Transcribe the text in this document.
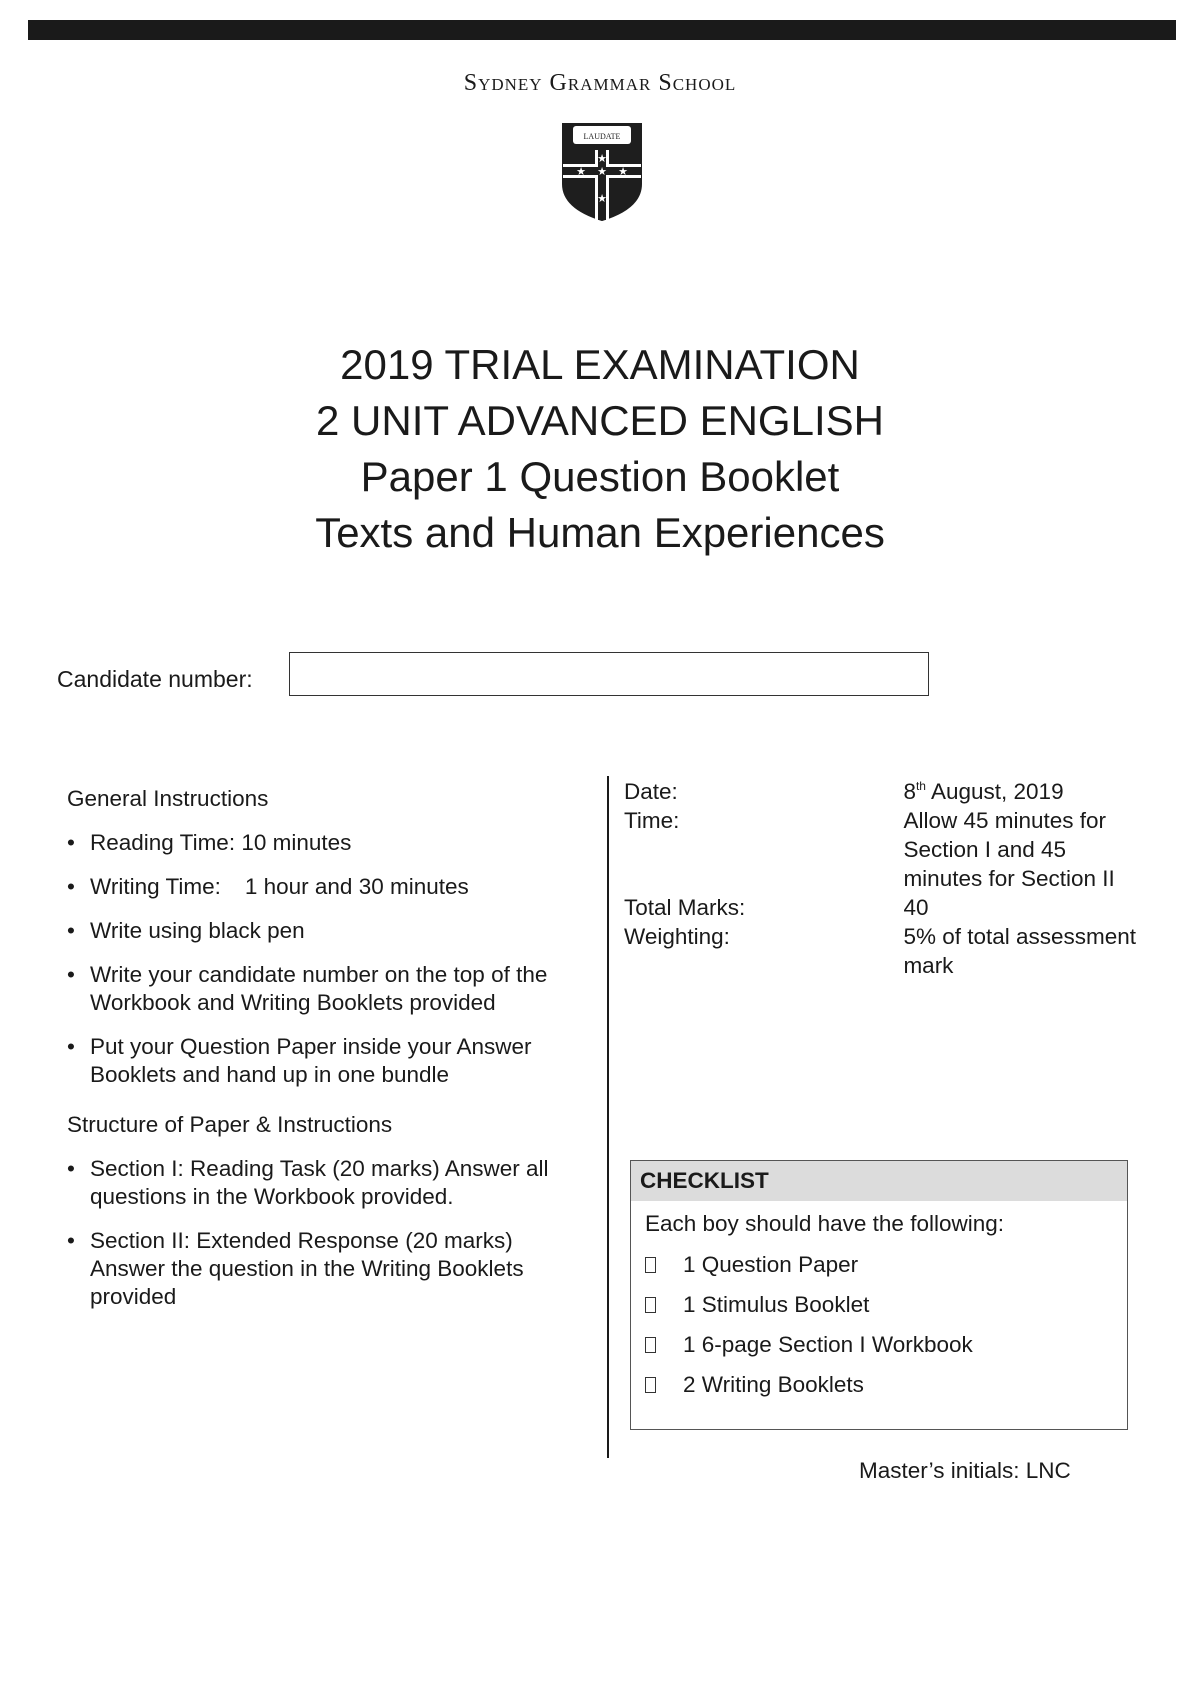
Sydney Grammar School
LAUDATE
★
★ ★ ★
★
2019 TRIAL EXAMINATION
2 UNIT ADVANCED ENGLISH
Paper 1 Question Booklet
Texts and Human Experiences
Candidate number:
General Instructions
• Reading Time: 10 minutes
• Writing Time: 1 hour and 30 minutes
• Write using black pen
• Write your candidate number on the top of the Workbook and Writing Booklets provided
• Put your Question Paper inside your Answer Booklets and hand up in one bundle
Structure of Paper & Instructions
• Section I: Reading Task (20 marks) Answer all questions in the Workbook provided.
• Section II: Extended Response (20 marks) Answer the question in the Writing Booklets provided
Date:	8th August, 2019
Time:	Allow 45 minutes for Section I and 45 minutes for Section II
Total Marks:	40
Weighting:	5% of total assessment mark
CHECKLIST
Each boy should have the following:
1 Question Paper
1 Stimulus Booklet
1 6-page Section I Workbook
2 Writing Booklets
Master’s initials: LNC
